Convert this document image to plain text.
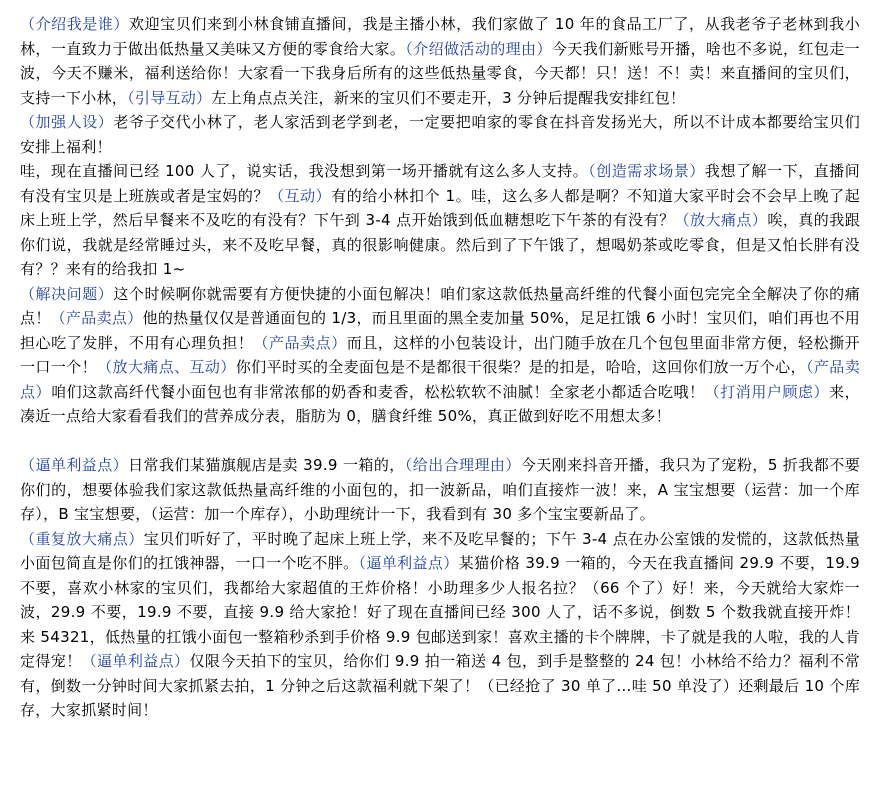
（介绍我是谁）欢迎宝贝们来到小林食铺直播间，我是主播小林，我们家做了 10 年的食品工厂了，从我老爷子老林到我小林，一直致力于做出低热量又美味又方便的零食给大家。（介绍做活动的理由）今天我们新账号开播，啥也不多说，红包走一波，今天不赚米，福利送给你！大家看一下我身后所有的这些低热量零食，今天都！只！送！不！卖！来直播间的宝贝们，支持一下小林，（引导互动）左上角点点关注，新来的宝贝们不要走开，3 分钟后提醒我安排红包！

（加强人设）老爷子交代小林了，老人家活到老学到老，一定要把咱家的零食在抖音发扬光大，所以不计成本都要给宝贝们安排上福利！

哇，现在直播间已经 100 人了，说实话，我没想到第一场开播就有这么多人支持。（创造需求场景）我想了解一下，直播间有没有宝贝是上班族或者是宝妈的？（互动）有的给小林扣个 1。哇，这么多人都是啊？不知道大家平时会不会早上晚了起床上班上学，然后早餐来不及吃的有没有？下午到 3-4 点开始饿到低血糖想吃下午茶的有没有？（放大痛点）唉，真的我跟你们说，我就是经常睡过头，来不及吃早餐，真的很影响健康。然后到了下午饿了，想喝奶茶或吃零食，但是又怕长胖有没有？？来有的给我扣 1~

（解决问题）这个时候啊你就需要有方便快捷的小面包解决！咱们家这款低热量高纤维的代餐小面包完完全全解决了你的痛点！（产品卖点）他的热量仅仅是普通面包的 1/3，而且里面的黑全麦加量 50%，足足扛饿 6 小时！宝贝们，咱们再也不用担心吃了发胖，不用有心理负担！（产品卖点）而且，这样的小包装设计，出门随手放在几个包包里面非常方便，轻松撕开一口一个！（放大痛点、互动）你们平时买的全麦面包是不是都很干很柴？是的扣是，哈哈，这回你们放一万个心，（产品卖点）咱们这款高纤代餐小面包也有非常浓郁的奶香和麦香，松松软软不油腻！全家老小都适合吃哦！（打消用户顾虑）来，凑近一点给大家看看我们的营养成分表，脂肪为 0，膳食纤维 50%，真正做到好吃不用想太多！

（逼单利益点）日常我们某猫旗舰店是卖 39.9 一箱的，（给出合理理由）今天刚来抖音开播，我只为了宠粉，5 折我都不要你们的，想要体验我们家这款低热量高纤维的小面包的，扣一波新品，咱们直接炸一波！来，A 宝宝想要（运营：加一个库存），B 宝宝想要，（运营：加一个库存），小助理统计一下，我看到有 30 多个宝宝要新品了。

（重复放大痛点）宝贝们听好了，平时晚了起床上班上学，来不及吃早餐的；下午 3-4 点在办公室饿的发慌的，这款低热量小面包简直是你们的扛饿神器，一口一个吃不胖。（逼单利益点）某猫价格 39.9 一箱的，今天在我直播间 29.9 不要，19.9 不要，喜欢小林家的宝贝们，我都给大家超值的王炸价格！小助理多少人报名拉？（66 个了）好！来，今天就给大家炸一波，29.9 不要，19.9 不要，直接 9.9 给大家抢！好了现在直播间已经 300 人了，话不多说，倒数 5 个数我就直接开炸！来 54321，低热量的扛饿小面包一整箱秒杀到手价格 9.9 包邮送到家！喜欢主播的卡个牌牌，卡了就是我的人啦，我的人肯定得宠！（逼单利益点）仅限今天拍下的宝贝，给你们 9.9 拍一箱送 4 包，到手是整整的 24 包！小林给不给力？福利不常有，倒数一分钟时间大家抓紧去拍，1 分钟之后这款福利就下架了！（已经抢了 30 单了…哇 50 单没了）还剩最后 10 个库存，大家抓紧时间！
